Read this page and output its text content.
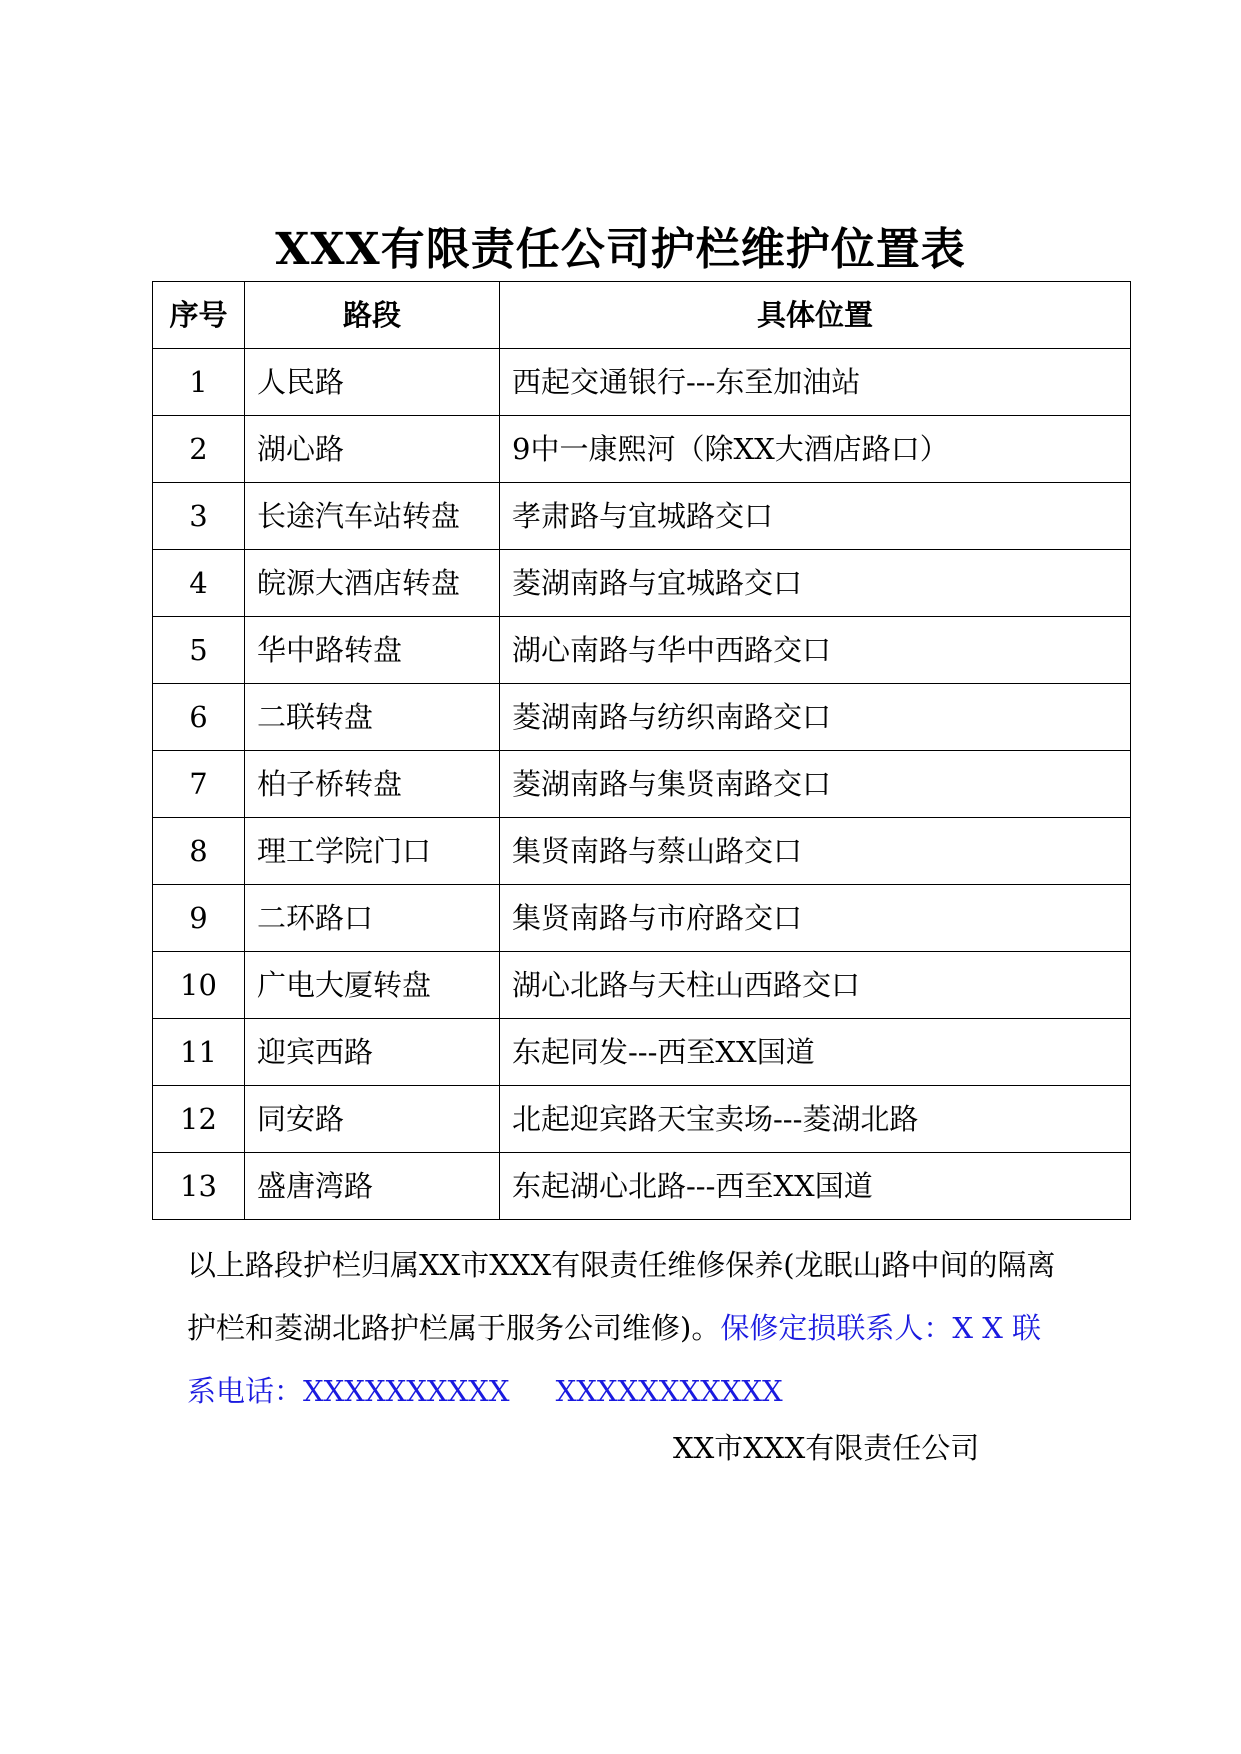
XXX有限责任公司护栏维护位置表
序号	路段	具体位置
1	人民路	西起交通银行---东至加油站
2	湖心路	9中一康熙河（除XX大酒店路口）
3	长途汽车站转盘	孝肃路与宜城路交口
4	皖源大酒店转盘	菱湖南路与宜城路交口
5	华中路转盘	湖心南路与华中西路交口
6	二联转盘	菱湖南路与纺织南路交口
7	柏子桥转盘	菱湖南路与集贤南路交口
8	理工学院门口	集贤南路与蔡山路交口
9	二环路口	集贤南路与市府路交口
10	广电大厦转盘	湖心北路与天柱山西路交口
11	迎宾西路	东起同发---西至XX国道
12	同安路	北起迎宾路天宝卖场---菱湖北路
13	盛唐湾路	东起湖心北路---西至XX国道
以上路段护栏归属XX市XXX有限责任维修保养(龙眠山路中间的隔离护栏和菱湖北路护栏属于服务公司维修)。保修定损联系人：X X 联系电话：XXXXXXXXXX XXXXXXXXXXX
XX市XXX有限责任公司
